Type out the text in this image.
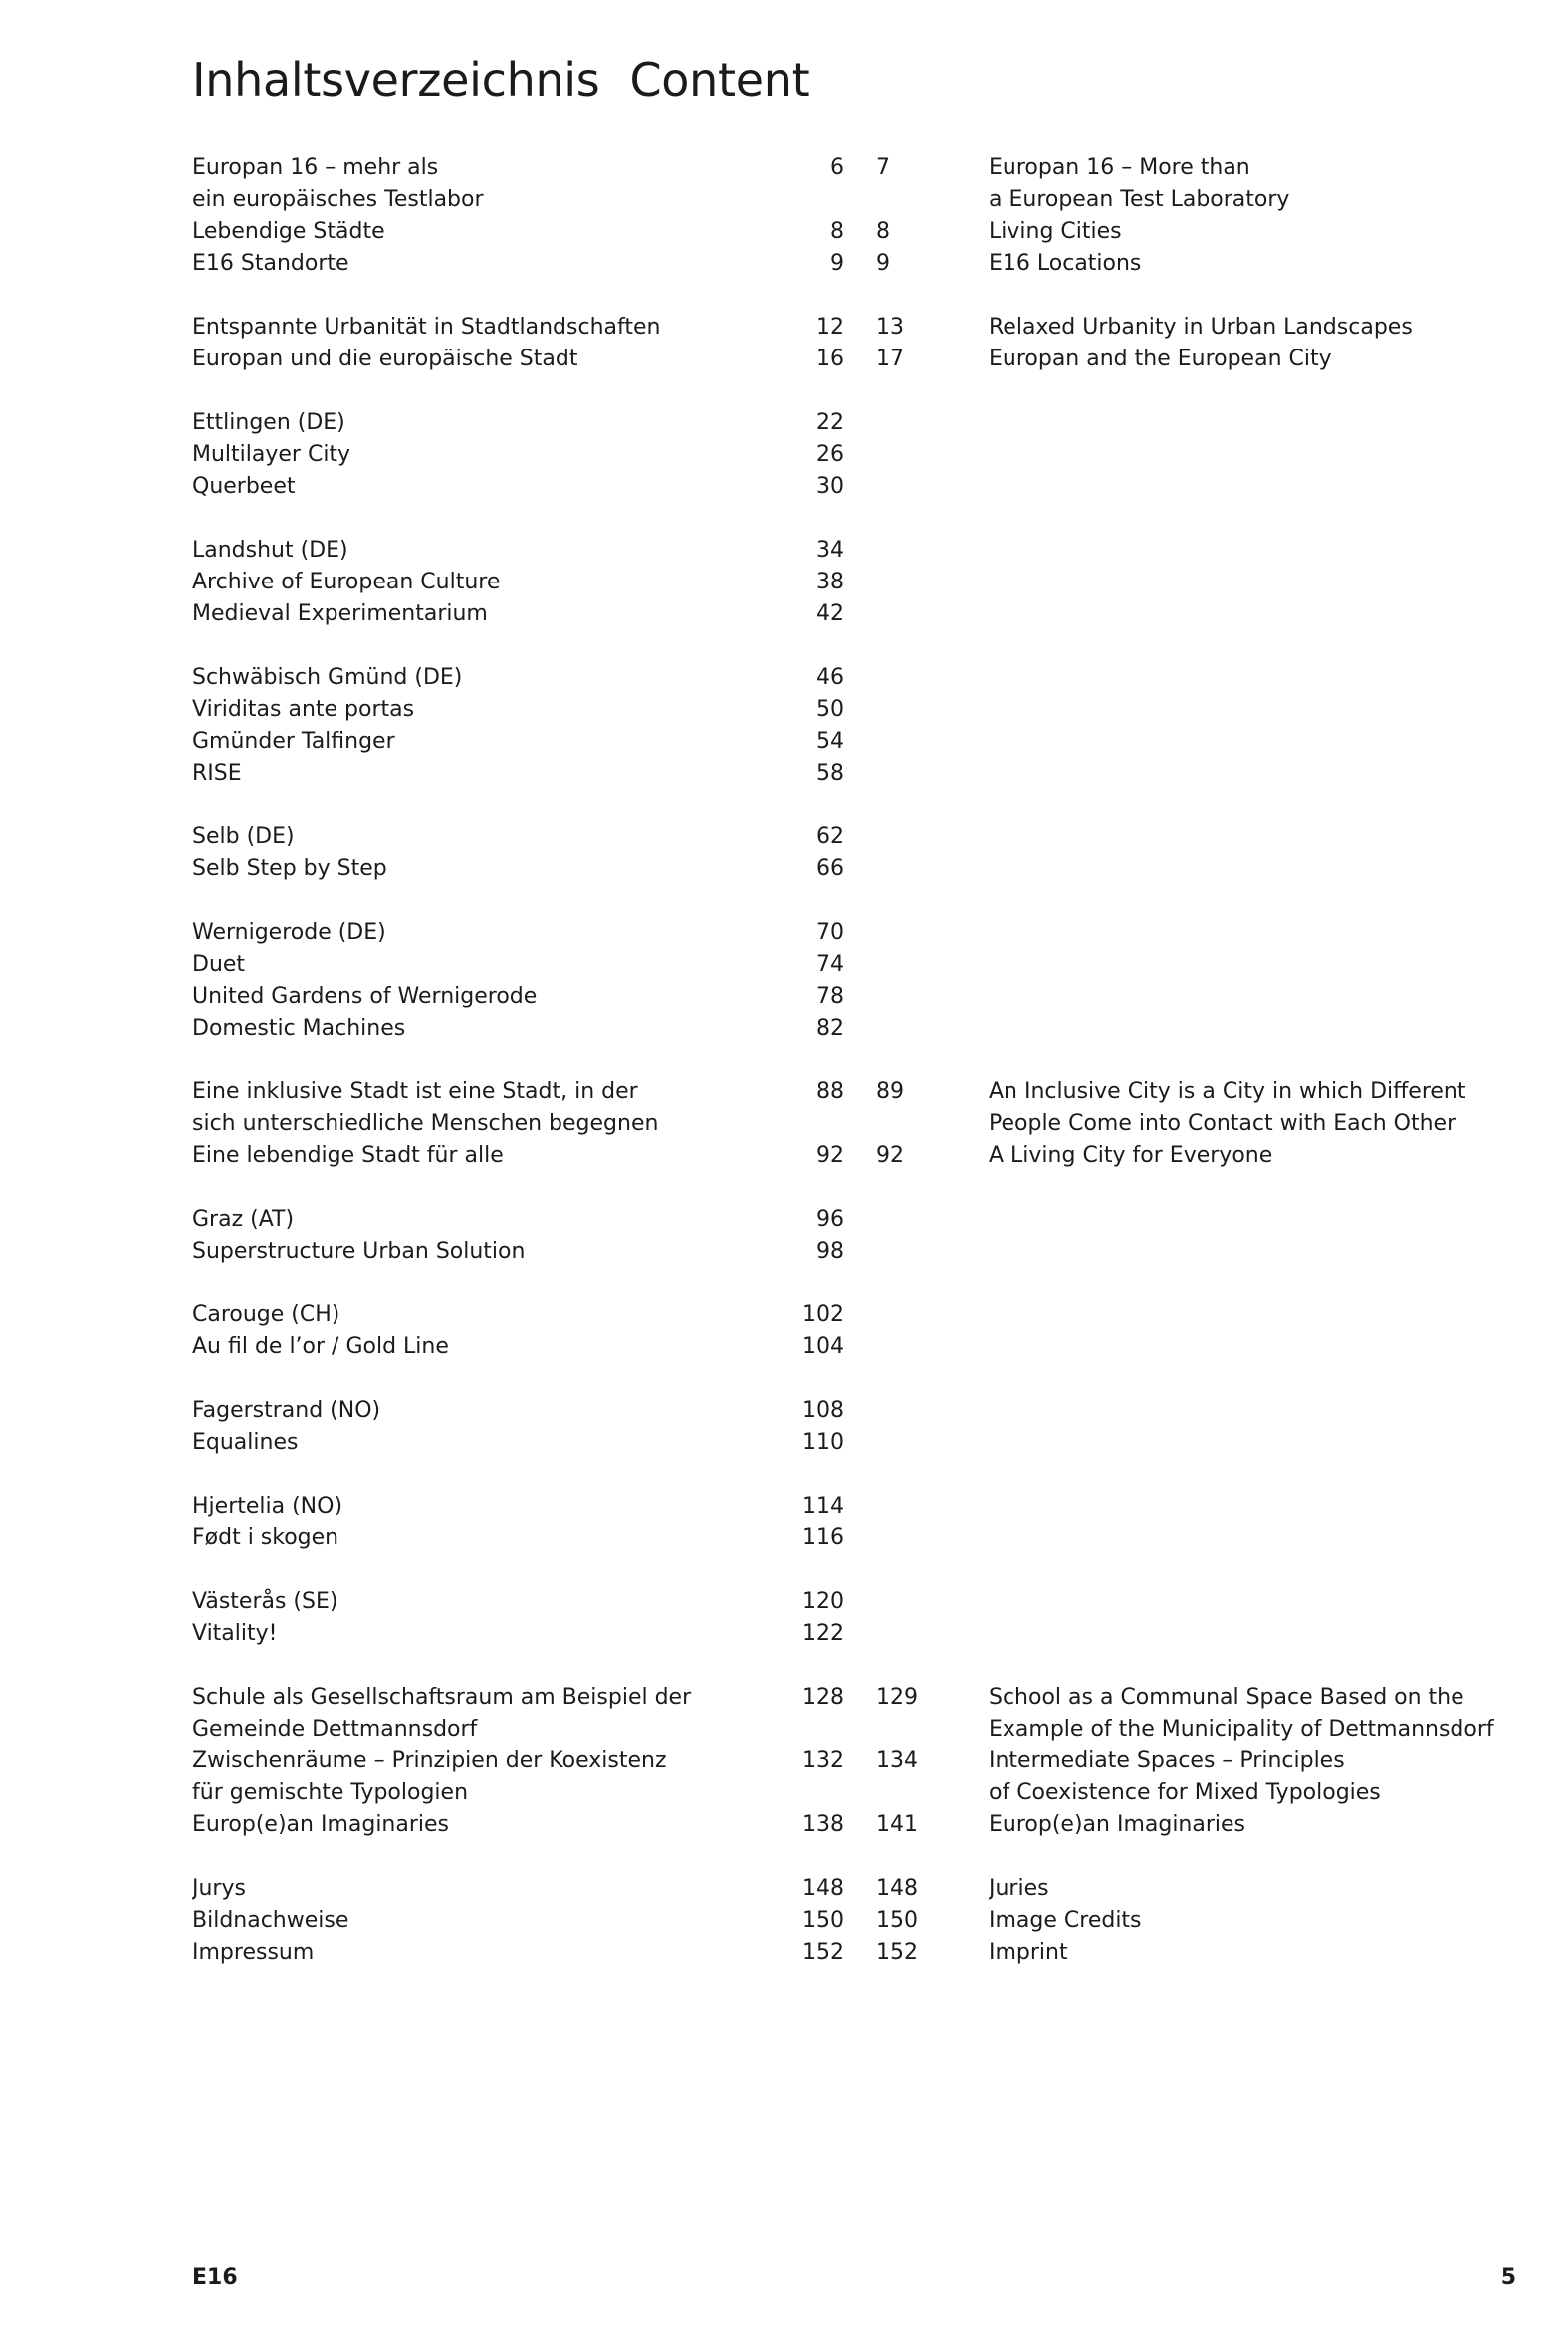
Inhaltsverzeichnis Content
Europan 16 – mehr als	6 7	Europan 16 – More than
ein europäisches Testlabor	a European Test Laboratory
Lebendige Städte	8 8	Living Cities
E16 Standorte	9 9	E16 Locations
Entspannte Urbanität in Stadtlandschaften	12 13	Relaxed Urbanity in Urban Landscapes
Europan und die europäische Stadt	16 17	Europan and the European City
Ettlingen (DE)	22
Multilayer City	26
Querbeet	30
Landshut (DE)	34
Archive of European Culture	38
Medieval Experimentarium	42
Schwäbisch Gmünd (DE)	46
Viriditas ante portas	50
Gmünder Talfinger	54
RISE	58
Selb (DE)	62
Selb Step by Step	66
Wernigerode (DE)	70
Duet	74
United Gardens of Wernigerode	78
Domestic Machines	82
Eine inklusive Stadt ist eine Stadt, in der	88 89	An Inclusive City is a City in which Different
sich unterschiedliche Menschen begegnen	People Come into Contact with Each Other
Eine lebendige Stadt für alle	92 92	A Living City for Everyone
Graz (AT)	96
Superstructure Urban Solution	98
Carouge (CH)	102
Au fil de l’or / Gold Line	104
Fagerstrand (NO)	108
Equalines	110
Hjertelia (NO)	114
Født i skogen	116
Västerås (SE)	120
Vitality!	122
Schule als Gesellschaftsraum am Beispiel der	128 129	School as a Communal Space Based on the
Gemeinde Dettmannsdorf	Example of the Municipality of Dettmannsdorf
Zwischenräume – Prinzipien der Koexistenz	132 134	Intermediate Spaces – Principles
für gemischte Typologien	of Coexistence for Mixed Typologies
Europ(e)an Imaginaries	138 141	Europ(e)an Imaginaries
Jurys	148 148	Juries
Bildnachweise	150 150	Image Credits
Impressum	152 152	Imprint
E16	5
